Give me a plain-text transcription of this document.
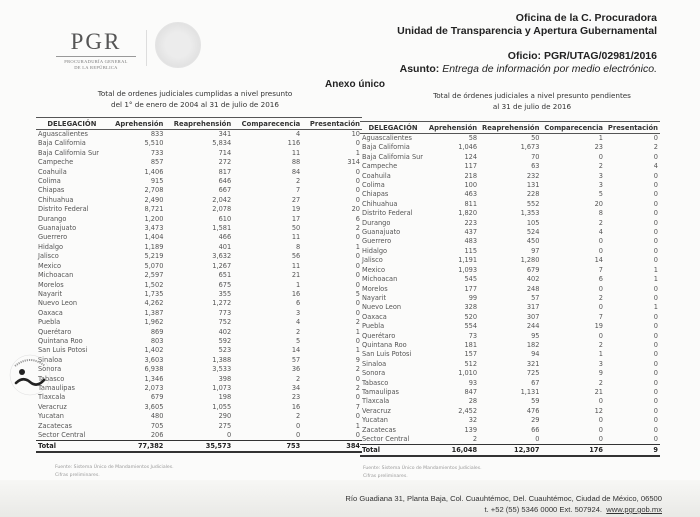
PGR
PROCURADURÍA GENERAL
DE LA REPÚBLICA
Oficina de la C. Procuradora
Unidad de Transparencia y Apertura Gubernamental
Oficio: PGR/UTAG/02981/2016
Asunto: Entrega de información por medio electrónico.
Anexo único
Total de ordenes judiciales cumplidas a nivel presunto
del 1° de enero de 2004 al 31 de julio de 2016
Total de órdenes judiciales a nivel presunto pendientes
al 31 de julio de 2016
DELEGACIÓN	Aprehensión	Reaprehensión	Comparecencia	Presentación
Aguascalientes	833	341	4	10
Baja California	5,510	5,834	116	0
Baja California Sur	733	714	11	1
Campeche	857	272	88	314
Coahuila	1,406	817	84	0
Colima	915	646	2	0
Chiapas	2,708	667	7	0
Chihuahua	2,490	2,042	27	0
Distrito Federal	8,721	2,078	19	20
Durango	1,200	610	17	6
Guanajuato	3,473	1,581	50	2
Guerrero	1,404	466	11	0
Hidalgo	1,189	401	8	1
Jalisco	5,219	3,632	56	0
Mexico	5,070	1,267	11	0
Michoacan	2,597	651	21	0
Morelos	1,502	675	1	0
Nayarit	1,735	355	16	5
Nuevo Leon	4,262	1,272	6	0
Oaxaca	1,387	773	3	0
Puebla	1,962	752	4	2
Querétaro	869	402	2	1
Quintana Roo	803	592	5	0
San Luis Potosi	1,402	523	14	1
Sinaloa	3,603	1,388	57	9
Sonora	6,938	3,533	36	2
Tabasco	1,346	398	2	0
Tamaulipas	2,073	1,073	34	2
Tlaxcala	679	198	23	0
Veracruz	3,605	1,055	16	7
Yucatan	480	290	2	0
Zacatecas	705	275	0	1
Sector Central	206	0	0	0
Total	77,382	35,573	753	384
DELEGACIÓN	Aprehensión	Reaprehensión	Comparecencia	Presentación
Aguascalientes	58	50	1	0
Baja California	1,046	1,673	23	2
Baja California Sur	124	70	0	0
Campeche	117	63	2	4
Coahuila	218	232	3	0
Colima	100	131	3	0
Chiapas	463	228	5	0
Chihuahua	811	552	20	0
Distrito Federal	1,820	1,353	8	0
Durango	223	105	2	0
Guanajuato	437	524	4	0
Guerrero	483	450	0	0
Hidalgo	115	97	0	0
Jalisco	1,191	1,280	14	0
Mexico	1,093	679	7	1
Michoacan	545	402	6	1
Morelos	177	248	0	0
Nayarit	99	57	2	0
Nuevo Leon	328	317	0	1
Oaxaca	520	307	7	0
Puebla	554	244	19	0
Querétaro	73	95	0	0
Quintana Roo	181	182	2	0
San Luis Potosi	157	94	1	0
Sinaloa	512	321	3	0
Sonora	1,010	725	9	0
Tabasco	93	67	2	0
Tamaulipas	847	1,131	21	0
Tlaxcala	28	59	0	0
Veracruz	2,452	476	12	0
Yucatan	32	29	0	0
Zacatecas	139	66	0	0
Sector Central	2	0	0	0
Total	16,048	12,307	176	9
Fuente: Sistema Único de Mandamientos Judiciales.
Cifras preliminares.
Fuente: Sistema Único de Mandamientos Judiciales.
Cifras preliminares.
Río Guadiana 31, Planta Baja, Col. Cuauhtémoc, Del. Cuauhtémoc, Ciudad de México, 06500
t. +52 (55) 5346 0000 Ext. 507924. www.pgr.gob.mx
